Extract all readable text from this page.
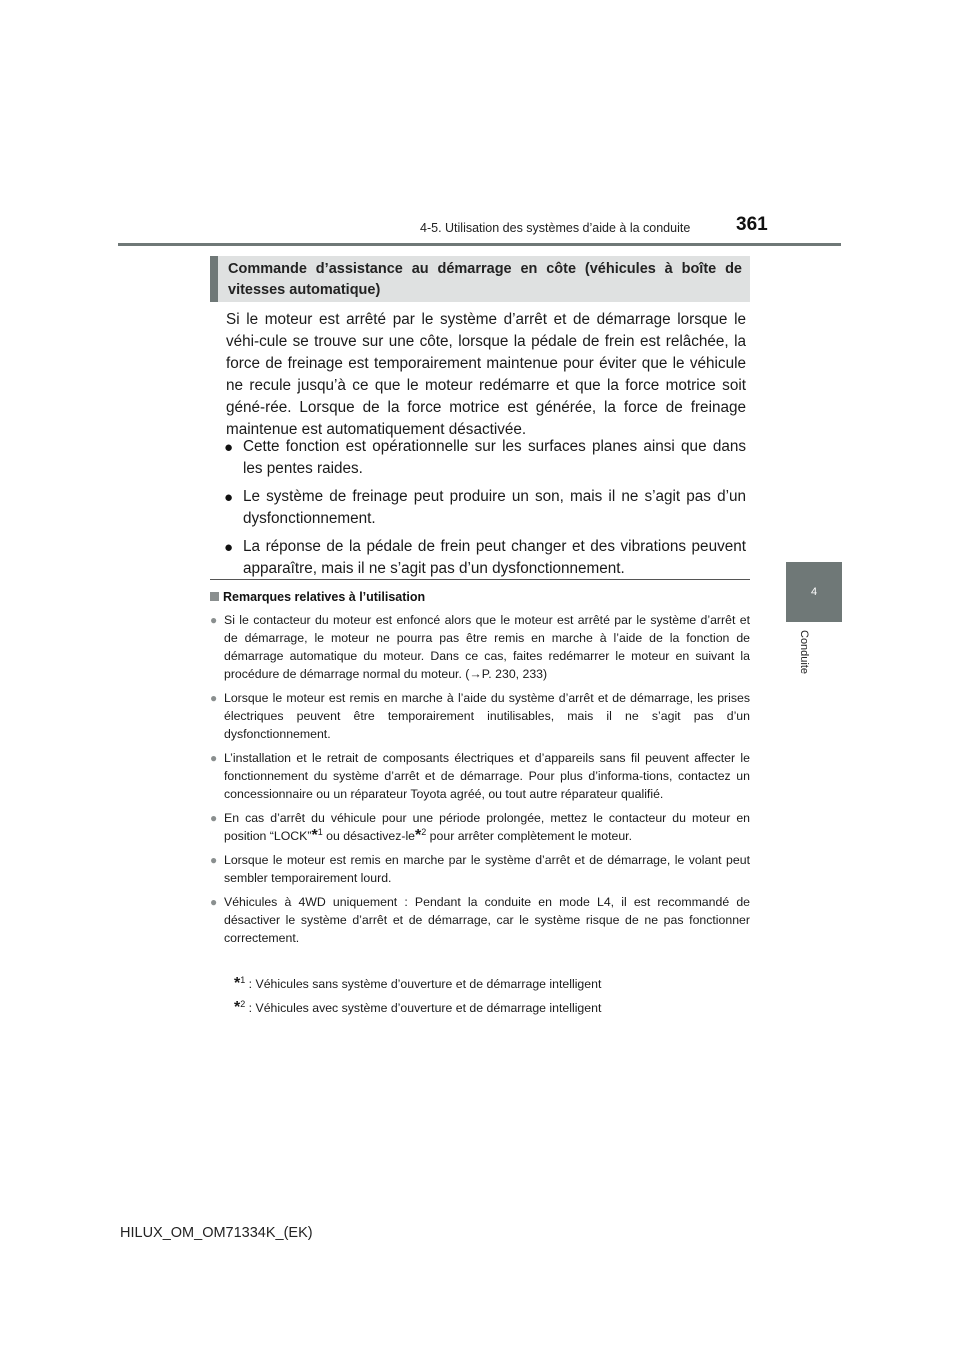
4-5. Utilisation des systèmes d’aide à la conduite 361
4
Conduite
Commande d’assistance au démarrage en côte (véhicules à boîte de vitesses automatique)

Si le moteur est arrêté par le système d’arrêt et de démarrage lorsque le véhi-cule se trouve sur une côte, lorsque la pédale de frein est relâchée, la force de freinage est temporairement maintenue pour éviter que le véhicule ne recule jusqu’à ce que le moteur redémarre et que la force motrice soit géné-rée. Lorsque de la force motrice est générée, la force de freinage maintenue est automatiquement désactivée.

● Cette fonction est opérationnelle sur les surfaces planes ainsi que dans les pentes raides.
● Le système de freinage peut produire un son, mais il ne s’agit pas d’un dysfonctionnement.
● La réponse de la pédale de frein peut changer et des vibrations peuvent apparaître, mais il ne s’agit pas d’un dysfonctionnement.
Remarques relatives à l’utilisation
● Si le contacteur du moteur est enfoncé alors que le moteur est arrêté par le système d’arrêt et de démarrage, le moteur ne pourra pas être remis en marche à l’aide de la fonction de démarrage automatique du moteur. Dans ce cas, faites redémarrer le moteur en suivant la procédure de démarrage normal du moteur. (→P. 230, 233)
● Lorsque le moteur est remis en marche à l’aide du système d’arrêt et de démarrage, les prises électriques peuvent être temporairement inutilisables, mais il ne s’agit pas d’un dysfonctionnement.
● L’installation et le retrait de composants électriques et d’appareils sans fil peuvent affecter le fonctionnement du système d’arrêt et de démarrage. Pour plus d’informa-tions, contactez un concessionnaire ou un réparateur Toyota agréé, ou tout autre réparateur qualifié.
● En cas d’arrêt du véhicule pour une période prolongée, mettez le contacteur du moteur en position “LOCK”*$^1$ ou désactivez-le*$^2$ pour arrêter complètement le moteur.
● Lorsque le moteur est remis en marche par le système d’arrêt et de démarrage, le volant peut sembler temporairement lourd.
● Véhicules à 4WD uniquement : Pendant la conduite en mode L4, il est recommandé de désactiver le système d’arrêt et de démarrage, car le système risque de ne pas fonctionner correctement.
*$^1$ : Véhicules sans système d’ouverture et de démarrage intelligent
*$^2$ : Véhicules avec système d’ouverture et de démarrage intelligent
HILUX_OM_OM71334K_(EK)
